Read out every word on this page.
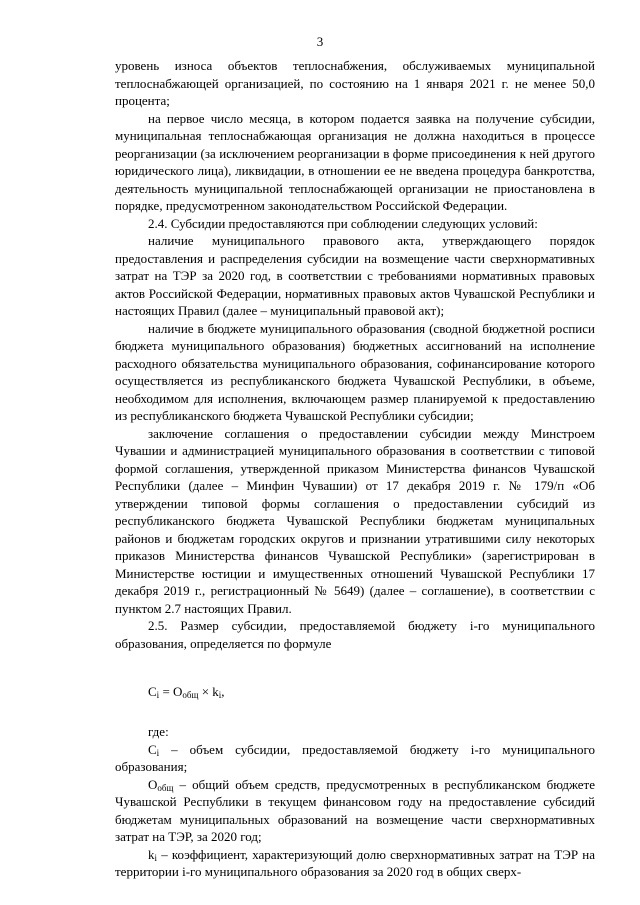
3

уровень износа объектов теплоснабжения, обслуживаемых муниципальной теплоснабжающей организацией, по состоянию на 1 января 2021 г. не менее 50,0 процента;

на первое число месяца, в котором подается заявка на получение субсидии, муниципальная теплоснабжающая организация не должна находиться в процессе реорганизации (за исключением реорганизации в форме присоединения к ней другого юридического лица), ликвидации, в отношении ее не введена процедура банкротства, деятельность муниципальной теплоснабжающей организации не приостановлена в порядке, предусмотренном законодательством Российской Федерации.

2.4. Субсидии предоставляются при соблюдении следующих условий:

наличие муниципального правового акта, утверждающего порядок предоставления и распределения субсидии на возмещение части сверхнормативных затрат на ТЭР за 2020 год, в соответствии с требованиями нормативных правовых актов Российской Федерации, нормативных правовых актов Чувашской Республики и настоящих Правил (далее – муниципальный правовой акт);

наличие в бюджете муниципального образования (сводной бюджетной росписи бюджета муниципального образования) бюджетных ассигнований на исполнение расходного обязательства муниципального образования, софинансирование которого осуществляется из республиканского бюджета Чувашской Республики, в объеме, необходимом для исполнения, включающем размер планируемой к предоставлению из республиканского бюджета Чувашской Республики субсидии;

заключение соглашения о предоставлении субсидии между Минстроем Чувашии и администрацией муниципального образования в соответствии с типовой формой соглашения, утвержденной приказом Министерства финансов Чувашской Республики (далее – Минфин Чувашии) от 17 декабря 2019 г. № 179/п «Об утверждении типовой формы соглашения о предоставлении субсидий из республиканского бюджета Чувашской Республики бюджетам муниципальных районов и бюджетам городских округов и признании утратившими силу некоторых приказов Министерства финансов Чувашской Республики» (зарегистрирован в Министерстве юстиции и имущественных отношений Чувашской Республики 17 декабря 2019 г., регистрационный № 5649) (далее – соглашение), в соответствии с пунктом 2.7 настоящих Правил.

2.5. Размер субсидии, предоставляемой бюджету i-го муниципального образования, определяется по формуле

$C_i = O_{общ} \times k_i$,

где:

$C_i$ – объем субсидии, предоставляемой бюджету i-го муниципального образования;

$O_{общ}$ – общий объем средств, предусмотренных в республиканском бюджете Чувашской Республики в текущем финансовом году на предоставление субсидий бюджетам муниципальных образований на возмещение части сверхнормативных затрат на ТЭР, за 2020 год;

$k_i$ – коэффициент, характеризующий долю сверхнормативных затрат на ТЭР на территории i-го муниципального образования за 2020 год в общих сверх-
